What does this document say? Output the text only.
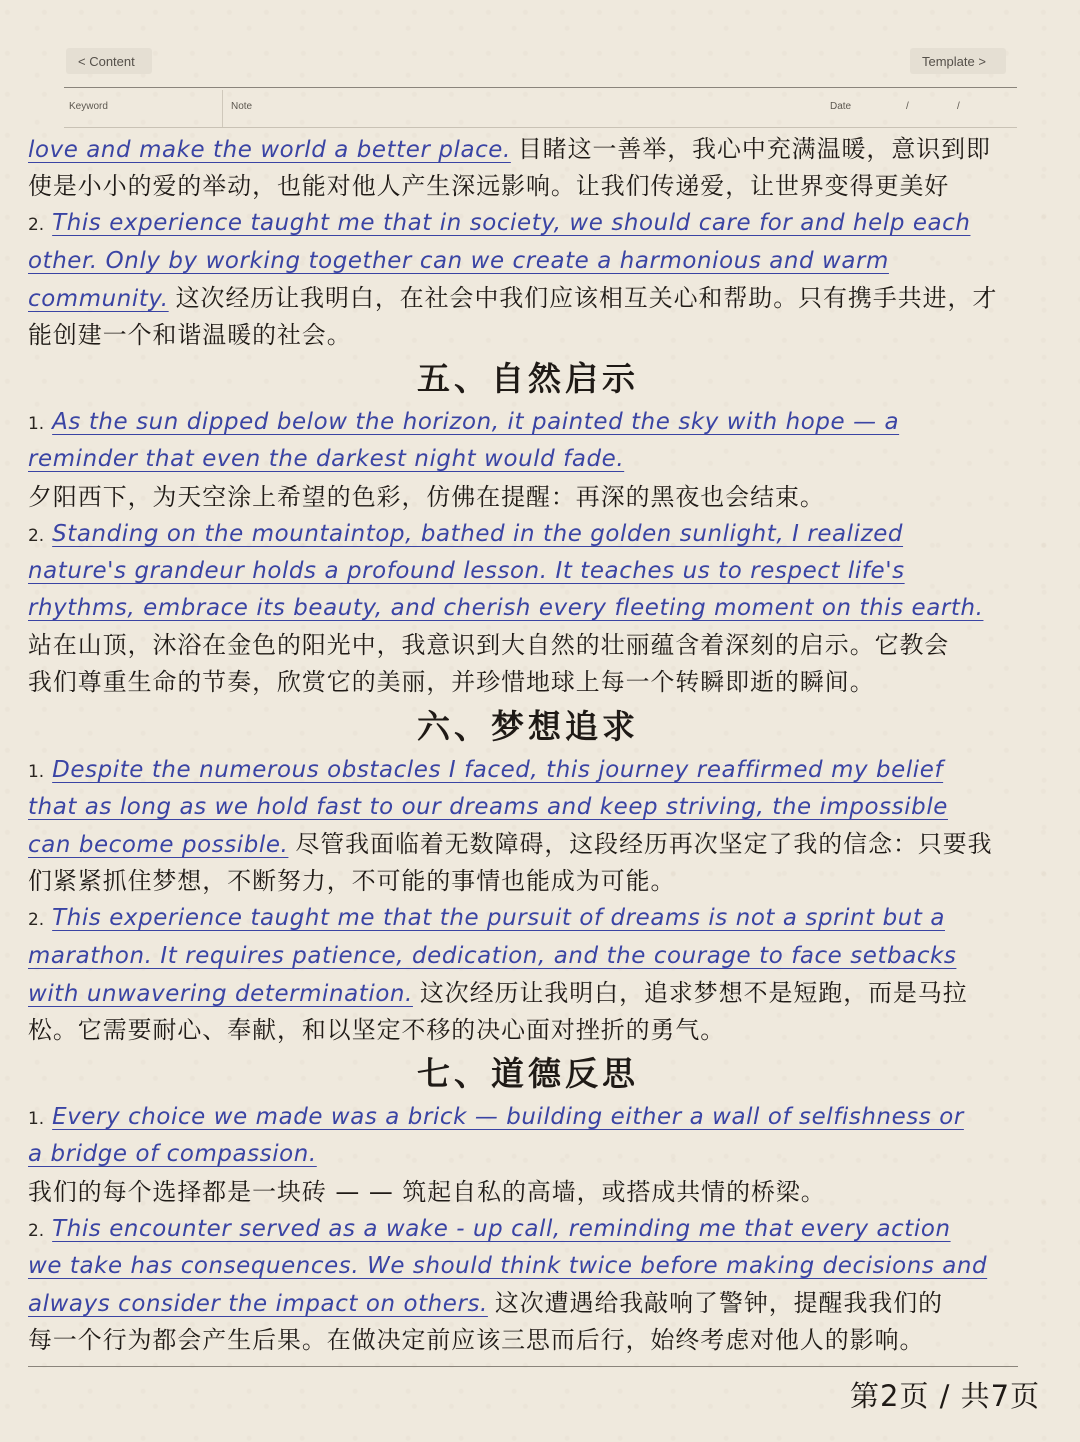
< Content	Template >
Keyword	Note	Date	/	/
love and make the world a better place. 目睹这一善举，我心中充满温暖，意识到即
使是小小的爱的举动，也能对他人产生深远影响。让我们传递爱，让世界变得更美好
2. This experience taught me that in society, we should care for and help each
other. Only by working together can we create a harmonious and warm
community. 这次经历让我明白，在社会中我们应该相互关心和帮助。只有携手共进，才
能创建一个和谐温暖的社会。
五、自然启示
1. As the sun dipped below the horizon, it painted the sky with hope — a
reminder that even the darkest night would fade.
夕阳西下，为天空涂上希望的色彩，仿佛在提醒：再深的黑夜也会结束。
2. Standing on the mountaintop, bathed in the golden sunlight, I realized
nature's grandeur holds a profound lesson. It teaches us to respect life's
rhythms, embrace its beauty, and cherish every fleeting moment on this earth.
站在山顶，沐浴在金色的阳光中，我意识到大自然的壮丽蕴含着深刻的启示。它教会
我们尊重生命的节奏，欣赏它的美丽，并珍惜地球上每一个转瞬即逝的瞬间。
六、梦想追求
1. Despite the numerous obstacles I faced, this journey reaffirmed my belief
that as long as we hold fast to our dreams and keep striving, the impossible
can become possible. 尽管我面临着无数障碍，这段经历再次坚定了我的信念：只要我
们紧紧抓住梦想，不断努力，不可能的事情也能成为可能。
2. This experience taught me that the pursuit of dreams is not a sprint but a
marathon. It requires patience, dedication, and the courage to face setbacks
with unwavering determination. 这次经历让我明白，追求梦想不是短跑，而是马拉
松。它需要耐心、奉献，和以坚定不移的决心面对挫折的勇气。
七、道德反思
1. Every choice we made was a brick — building either a wall of selfishness or
a bridge of compassion.
我们的每个选择都是一块砖 — — 筑起自私的高墙，或搭成共情的桥梁。
2. This encounter served as a wake - up call, reminding me that every action
we take has consequences. We should think twice before making decisions and
always consider the impact on others. 这次遭遇给我敲响了警钟，提醒我我们的
每一个行为都会产生后果。在做决定前应该三思而后行，始终考虑对他人的影响。
第2页 / 共7页
